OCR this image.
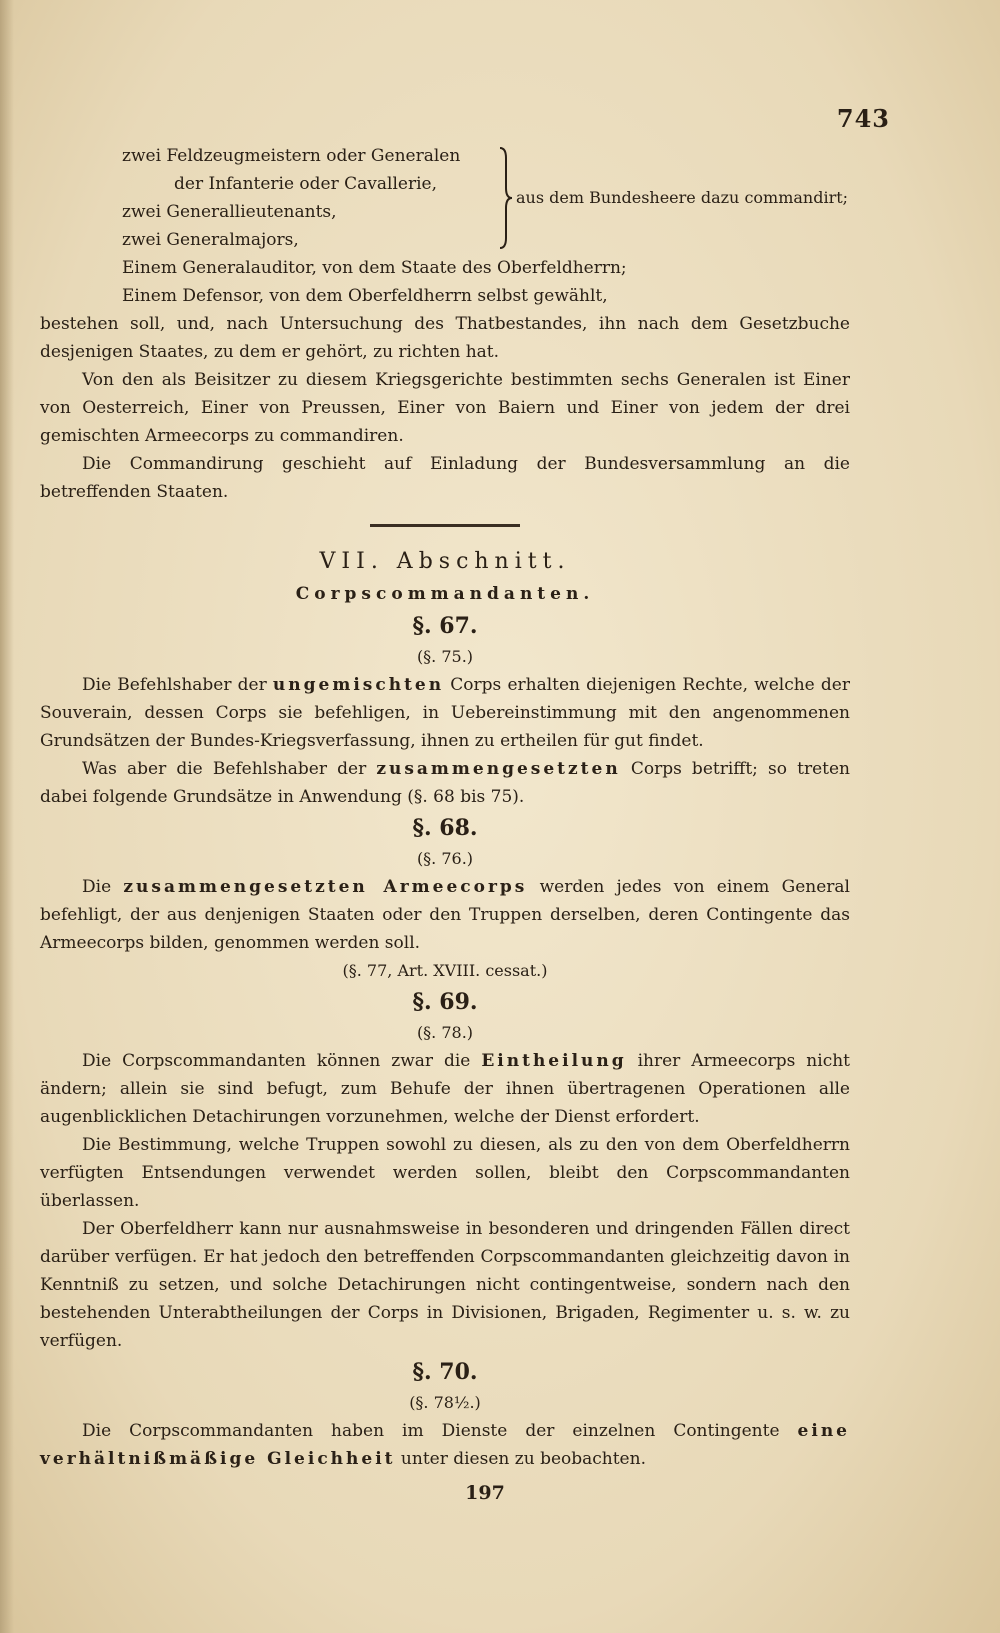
743
zwei Feldzeugmeistern oder Generalen
der Infanterie oder Cavallerie,
zwei Generallieutenants,
zwei Generalmajors,
aus dem Bundesheere dazu commandirt;
Einem Generalauditor, von dem Staate des Oberfeldherrn;
Einem Defensor, von dem Oberfeldherrn selbst gewählt,

bestehen soll, und, nach Untersuchung des Thatbestandes, ihn nach dem Gesetzbuche desjenigen Staates, zu dem er gehört, zu richten hat.

Von den als Beisitzer zu diesem Kriegsgerichte bestimmten sechs Generalen ist Einer von Oesterreich, Einer von Preussen, Einer von Baiern und Einer von jedem der drei gemischten Armeecorps zu commandiren.

Die Commandirung geschieht auf Einladung der Bundesversammlung an die betreffenden Staaten.

VII. Abschnitt.
Corpscommandanten.
§. 67.
(§. 75.)

Die Befehlshaber der ungemischten Corps erhalten diejenigen Rechte, welche der Souverain, dessen Corps sie befehligen, in Uebereinstimmung mit den angenommenen Grundsätzen der Bundes-Kriegsverfassung, ihnen zu ertheilen für gut findet.

Was aber die Befehlshaber der zusammengesetzten Corps betrifft; so treten dabei folgende Grundsätze in Anwendung (§. 68 bis 75).

§. 68.
(§. 76.)

Die zusammengesetzten Armeecorps werden jedes von einem General befehligt, der aus denjenigen Staaten oder den Truppen derselben, deren Contingente das Armeecorps bilden, genommen werden soll.

(§. 77, Art. XVIII. cessat.)
§. 69.
(§. 78.)

Die Corpscommandanten können zwar die Eintheilung ihrer Armeecorps nicht ändern; allein sie sind befugt, zum Behufe der ihnen übertragenen Operationen alle augenblicklichen Detachirungen vorzunehmen, welche der Dienst erfordert.

Die Bestimmung, welche Truppen sowohl zu diesen, als zu den von dem Oberfeldherrn verfügten Entsendungen verwendet werden sollen, bleibt den Corpscommandanten überlassen.

Der Oberfeldherr kann nur ausnahmsweise in besonderen und dringenden Fällen direct darüber verfügen. Er hat jedoch den betreffenden Corpscommandanten gleichzeitig davon in Kenntniß zu setzen, und solche Detachirungen nicht contingentweise, sondern nach den bestehenden Unterabtheilungen der Corps in Divisionen, Brigaden, Regimenter u. s. w. zu verfügen.

§. 70.
(§. 78½.)

Die Corpscommandanten haben im Dienste der einzelnen Contingente eine verhältnißmäßige Gleichheit unter diesen zu beobachten.

197
